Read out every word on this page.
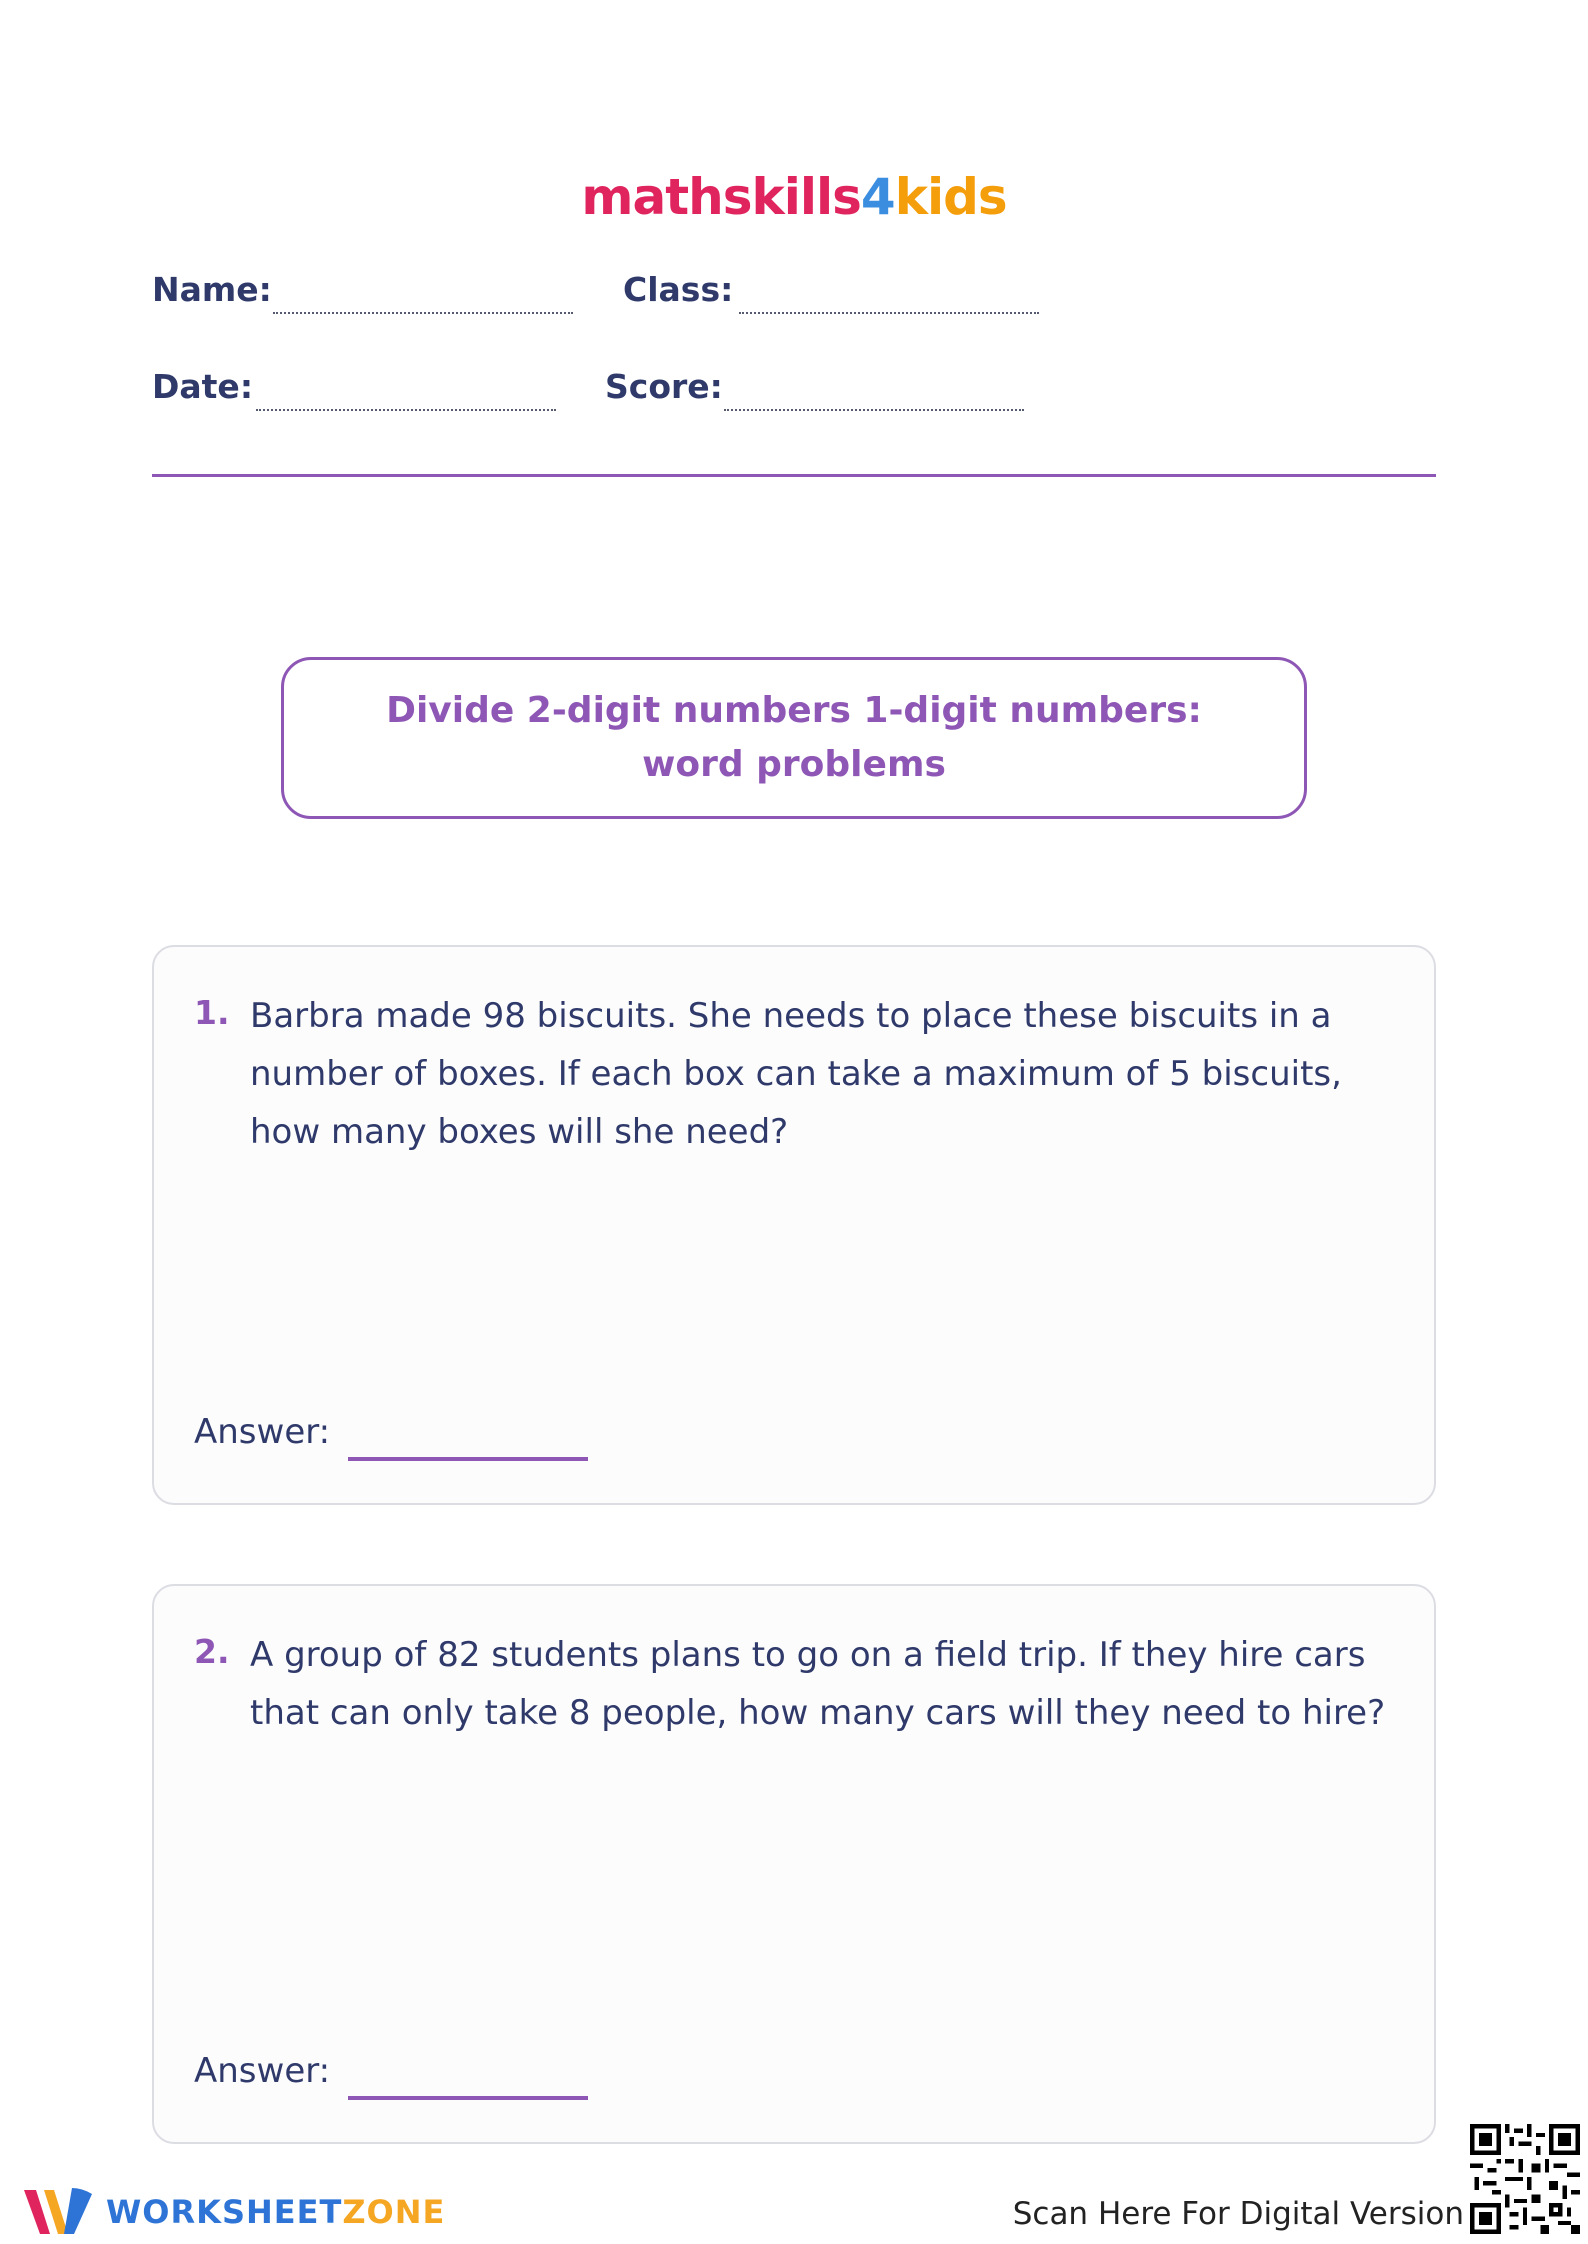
mathskills4kids
Name:	Class:
Date:	Score:
Divide 2-digit numbers 1-digit numbers: word problems
1. Barbra made 98 biscuits. She needs to place these biscuits in a number of boxes. If each box can take a maximum of 5 biscuits, how many boxes will she need?
Answer:
2. A group of 82 students plans to go on a field trip. If they hire cars that can only take 8 people, how many cars will they need to hire?
Answer:
WORKSHEETZONE	Scan Here For Digital Version
